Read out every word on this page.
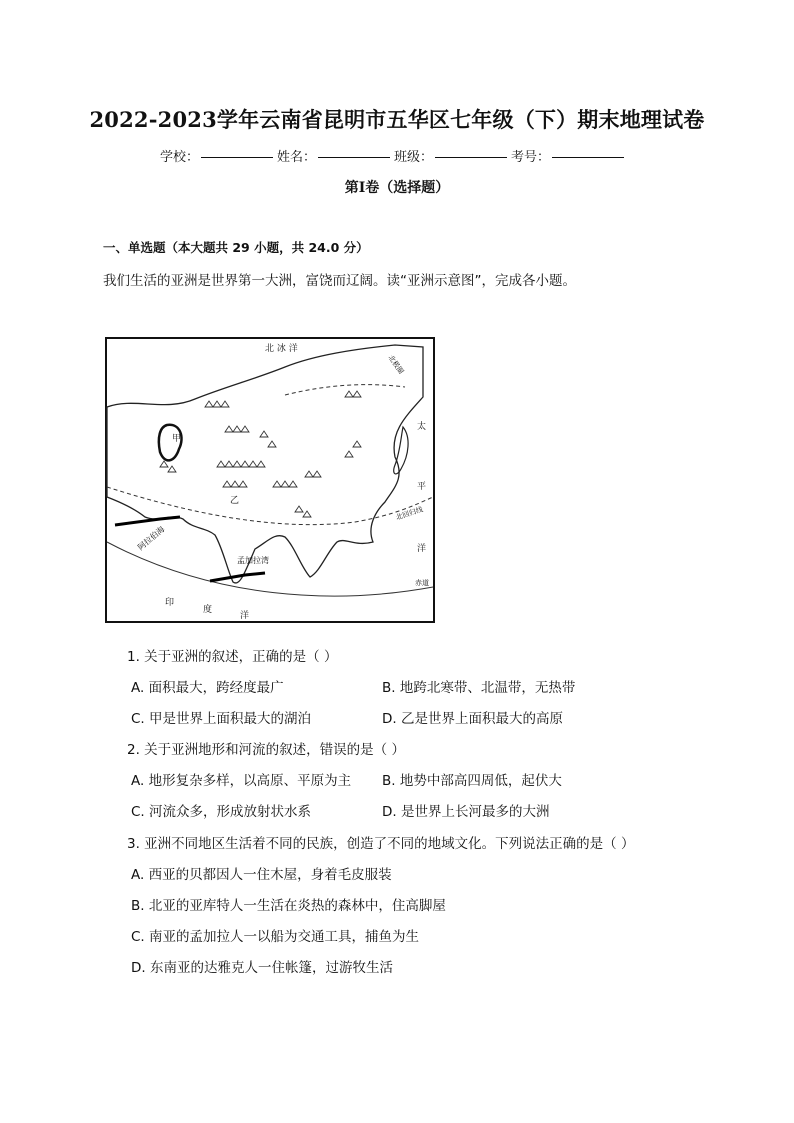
2022-2023学年云南省昆明市五华区七年级（下）期末地理试卷
学校：	姓名：	班级：	考号：
第Ⅰ卷（选择题）
一、单选题（本大题共 29 小题，共 24.0 分）
我们生活的亚洲是世界第一大洲，富饶而辽阔。读“亚洲示意图”，完成各小题。
北 冰 洋
太
平
洋
甲
乙
阿拉伯海
孟加拉湾
印
度
洋
北回归线
赤道
北极圈
1. 关于亚洲的叙述，正确的是（ ）
A. 面积最大，跨经度最广	B. 地跨北寒带、北温带，无热带
C. 甲是世界上面积最大的湖泊	D. 乙是世界上面积最大的高原
2. 关于亚洲地形和河流的叙述，错误的是（ ）
A. 地形复杂多样，以高原、平原为主 B. 地势中部高四周低，起伏大
C. 河流众多，形成放射状水系	D. 是世界上长河最多的大洲
3. 亚洲不同地区生活着不同的民族，创造了不同的地域文化。下列说法正确的是（ ）
A. 西亚的贝都因人一住木屋，身着毛皮服装
B. 北亚的亚库特人一生活在炎热的森林中，住高脚屋
C. 南亚的孟加拉人一以船为交通工具，捕鱼为生
D. 东南亚的达雅克人一住帐篷，过游牧生活
